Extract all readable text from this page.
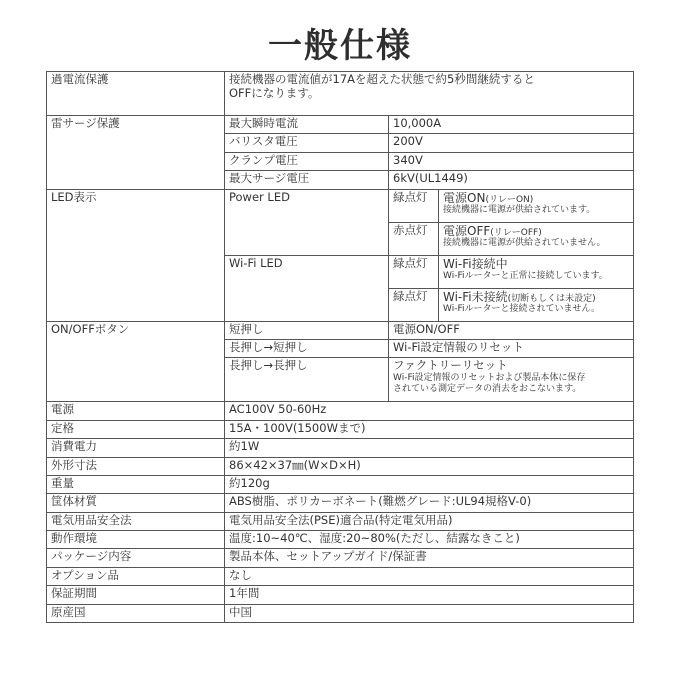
一般仕様
過電流保護	接続機器の電流値が17Aを超えた状態で約5秒間継続すると
OFFになります。		

雷サージ保護	最大瞬時電流	10,000A	
	バリスタ電圧	200V	
	クランプ電圧	340V	
	最大サージ電圧	6kV(UL1449)	
LED表示	Power LED	緑点灯	電源ON(リレーON)
接続機器に電源が供給されています。

		赤点灯	電源OFF(リレーOFF)
接続機器に電源が供給されていません。

	Wi-Fi LED	緑点灯	Wi-Fi接続中
Wi-Fiルーターと正常に接続しています。

		緑点灯	Wi-Fi未接続(切断もしくは未設定)
Wi-Fiルーターと接続されていません。

ON/OFFボタン	短押し	電源ON/OFF	
	長押し→短押し	Wi-Fi設定情報のリセット	
	長押し→長押し	ファクトリーリセット
Wi-Fi設定情報のリセットおよび製品本体に保存
されている測定データの消去をおこないます。	

電源	AC100V 50-60Hz		
定格	15A・100V(1500Wまで)		
消費電力	約1W		
外形寸法	86×42×37㎜(W×D×H)		
重量	約120g		
筐体材質	ABS樹脂、ポリカーボネート(難燃グレード:UL94規格V-0)		
電気用品安全法	電気用品安全法(PSE)適合品(特定電気用品)		
動作環境	温度:10~40℃、湿度:20~80%(ただし、結露なきこと)		
パッケージ内容	製品本体、セットアップガイド/保証書		
オプション品	なし		
保証期間	1年間		
原産国	中国		
